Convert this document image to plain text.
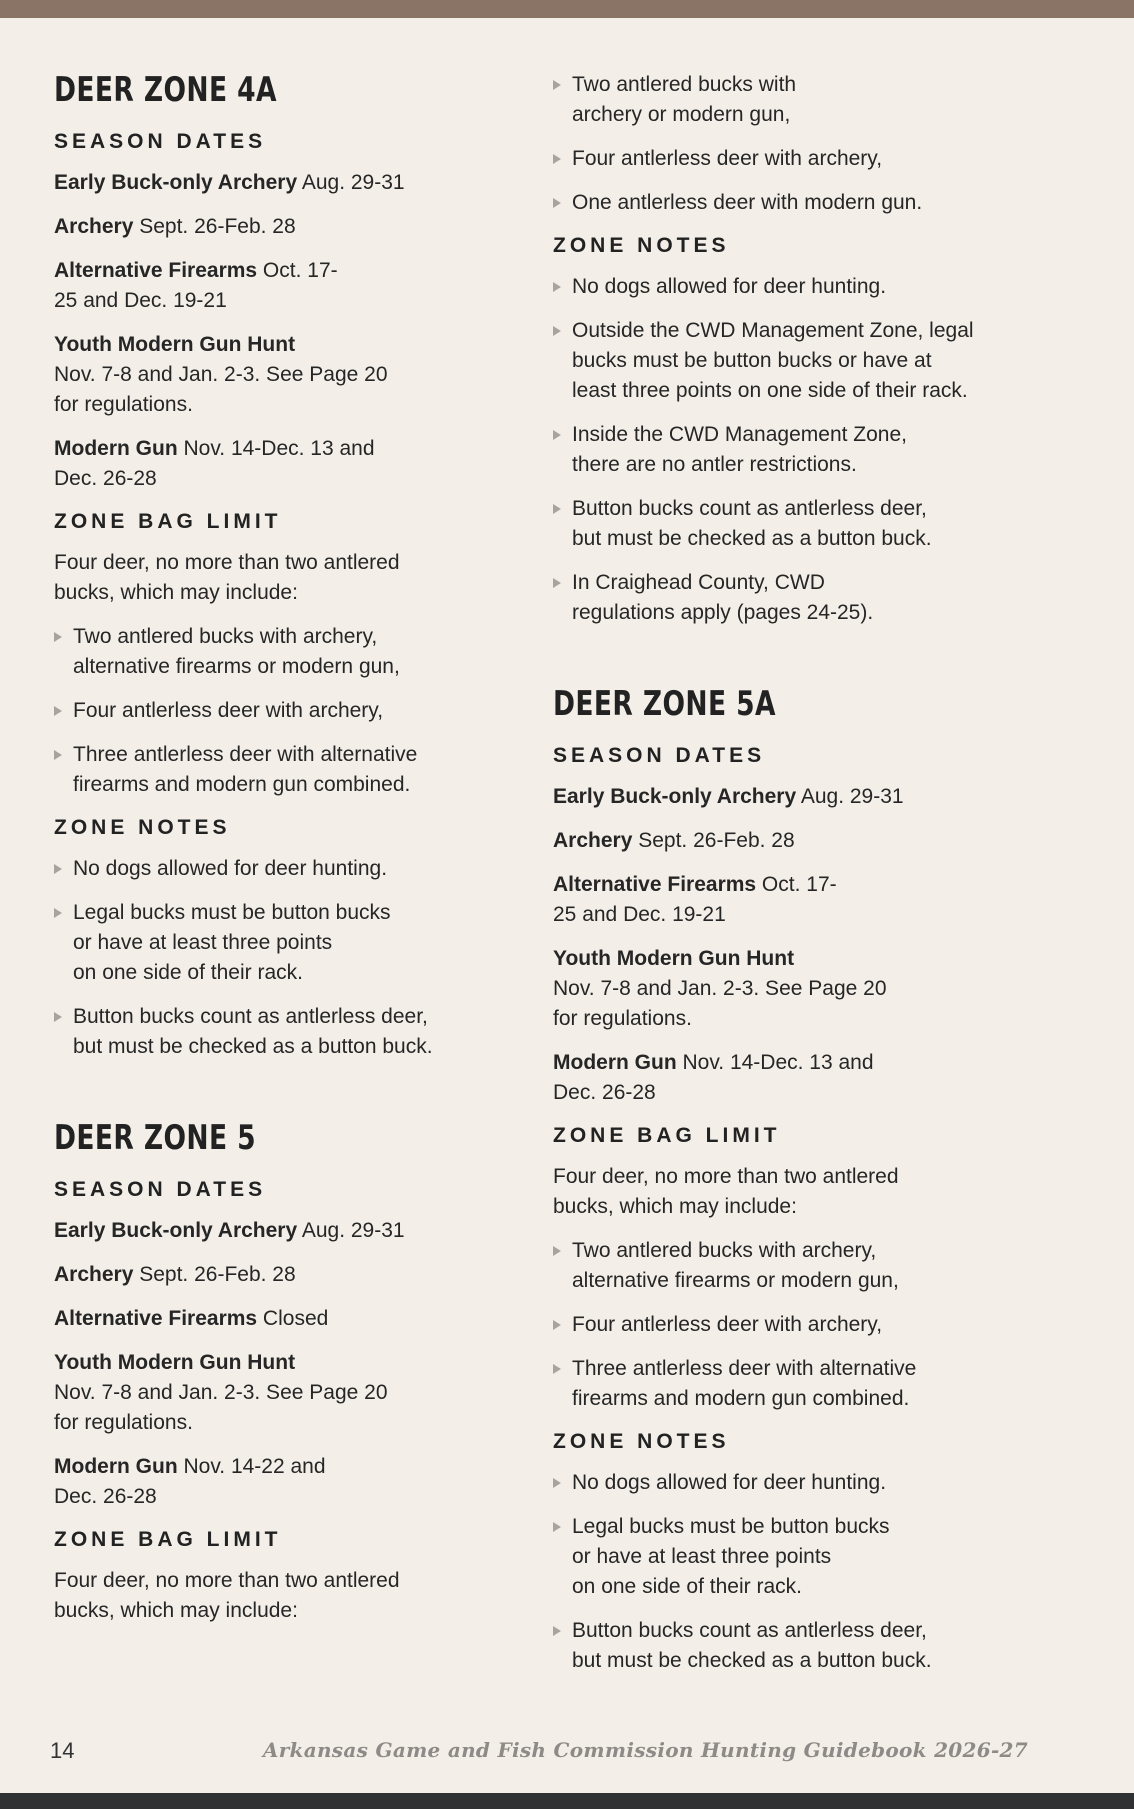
DEER ZONE 4A
SEASON DATES

Early Buck-only Archery Aug. 29-31

Archery Sept. 26-Feb. 28

Alternative Firearms Oct. 17-
25 and Dec. 19-21

Youth Modern Gun Hunt
Nov. 7-8 and Jan. 2-3. See Page 20
for regulations.

Modern Gun Nov. 14-Dec. 13 and
Dec. 26-28

ZONE BAG LIMIT

Four deer, no more than two antlered
bucks, which may include:

Two antlered bucks with archery,
alternative firearms or modern gun,
Four antlerless deer with archery,
Three antlerless deer with alternative
firearms and modern gun combined.
ZONE NOTES
No dogs allowed for deer hunting.
Legal bucks must be button bucks
or have at least three points
on one side of their rack.
Button bucks count as antlerless deer,
but must be checked as a button buck.
DEER ZONE 5
SEASON DATES

Early Buck-only Archery Aug. 29-31

Archery Sept. 26-Feb. 28

Alternative Firearms Closed

Youth Modern Gun Hunt
Nov. 7-8 and Jan. 2-3. See Page 20
for regulations.

Modern Gun Nov. 14-22 and
Dec. 26-28

ZONE BAG LIMIT

Four deer, no more than two antlered
bucks, which may include:

Two antlered bucks with
archery or modern gun,
Four antlerless deer with archery,
One antlerless deer with modern gun.
ZONE NOTES
No dogs allowed for deer hunting.
Outside the CWD Management Zone, legal
bucks must be button bucks or have at
least three points on one side of their rack.
Inside the CWD Management Zone,
there are no antler restrictions.
Button bucks count as antlerless deer,
but must be checked as a button buck.
In Craighead County, CWD
regulations apply (pages 24-25).
DEER ZONE 5A
SEASON DATES

Early Buck-only Archery Aug. 29-31

Archery Sept. 26-Feb. 28

Alternative Firearms Oct. 17-
25 and Dec. 19-21

Youth Modern Gun Hunt
Nov. 7-8 and Jan. 2-3. See Page 20
for regulations.

Modern Gun Nov. 14-Dec. 13 and
Dec. 26-28

ZONE BAG LIMIT

Four deer, no more than two antlered
bucks, which may include:

Two antlered bucks with archery,
alternative firearms or modern gun,
Four antlerless deer with archery,
Three antlerless deer with alternative
firearms and modern gun combined.
ZONE NOTES
No dogs allowed for deer hunting.
Legal bucks must be button bucks
or have at least three points
on one side of their rack.
Button bucks count as antlerless deer,
but must be checked as a button buck.
14	Arkansas Game and Fish Commission Hunting Guidebook 2026-27
